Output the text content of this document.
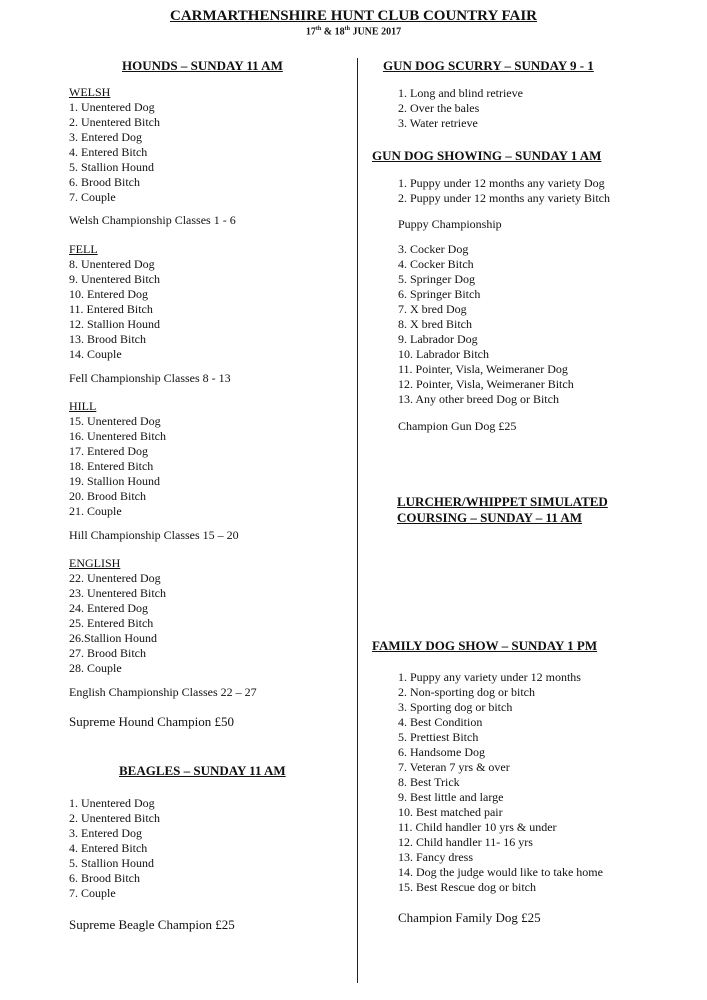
CARMARTHENSHIRE HUNT CLUB COUNTRY FAIR
17th & 18th JUNE 2017
HOUNDS – SUNDAY 11 AM
WELSH
1. Unentered Dog
2. Unentered Bitch
3. Entered Dog
4. Entered Bitch
5. Stallion Hound
6. Brood Bitch
7. Couple
Welsh Championship Classes 1 - 6
FELL
8. Unentered Dog
9. Unentered Bitch
10. Entered Dog
11. Entered Bitch
12. Stallion Hound
13. Brood Bitch
14. Couple
Fell Championship Classes 8 - 13
HILL
15. Unentered Dog
16. Unentered Bitch
17. Entered Dog
18. Entered Bitch
19. Stallion Hound
20. Brood Bitch
21. Couple
Hill Championship Classes 15 – 20
ENGLISH
22. Unentered Dog
23. Unentered Bitch
24. Entered Dog
25. Entered Bitch
26.Stallion Hound
27. Brood Bitch
28. Couple
English Championship Classes 22 – 27
Supreme Hound Champion £50
BEAGLES – SUNDAY 11 AM
1. Unentered Dog
2. Unentered Bitch
3. Entered Dog
4. Entered Bitch
5. Stallion Hound
6. Brood Bitch
7. Couple
Supreme Beagle Champion £25
GUN DOG SCURRY – SUNDAY 9 - 1
1. Long and blind retrieve
2. Over the bales
3. Water retrieve
GUN DOG SHOWING – SUNDAY 1 AM
1. Puppy under 12 months any variety Dog
2. Puppy under 12 months any variety Bitch
Puppy Championship
3. Cocker Dog
4. Cocker Bitch
5. Springer Dog
6. Springer Bitch
7. X bred Dog
8. X bred Bitch
9. Labrador Dog
10. Labrador Bitch
11. Pointer, Visla, Weimeraner Dog
12. Pointer, Visla, Weimeraner Bitch
13. Any other breed Dog or Bitch
Champion Gun Dog £25
LURCHER/WHIPPET SIMULATED
COURSING – SUNDAY – 11 AM
FAMILY DOG SHOW – SUNDAY 1 PM
1. Puppy any variety under 12 months
2. Non-sporting dog or bitch
3. Sporting dog or bitch
4. Best Condition
5. Prettiest Bitch
6. Handsome Dog
7. Veteran 7 yrs & over
8. Best Trick
9. Best little and large
10. Best matched pair
11. Child handler 10 yrs & under
12. Child handler 11- 16 yrs
13. Fancy dress
14. Dog the judge would like to take home
15. Best Rescue dog or bitch
Champion Family Dog £25
